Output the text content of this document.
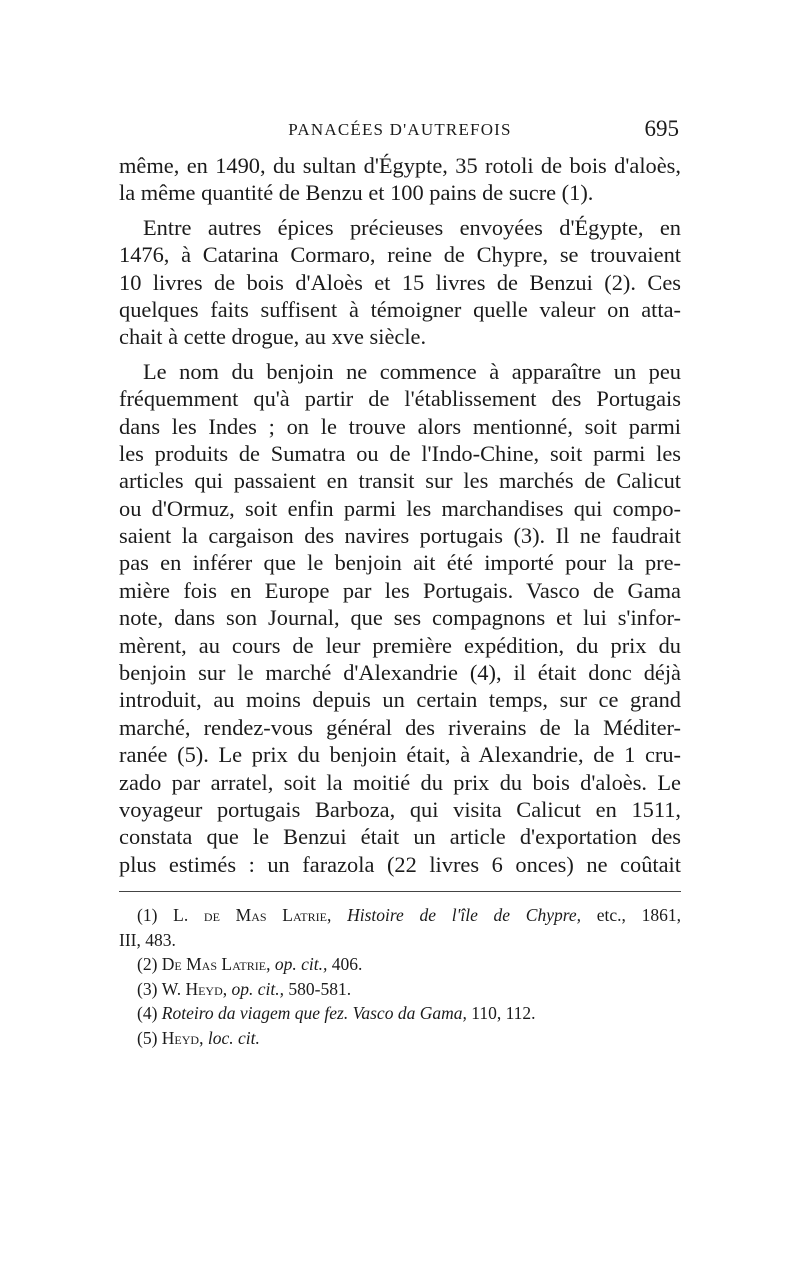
PANACÉES D'AUTREFOIS	695
même, en 1490, du sultan d'Égypte, 35 rotoli de bois d'aloès,
la même quantité de Benzu et 100 pains de sucre (1).
Entre autres épices précieuses envoyées d'Égypte, en
1476, à Catarina Cormaro, reine de Chypre, se trouvaient
10 livres de bois d'Aloès et 15 livres de Benzui (2). Ces
quelques faits suffisent à témoigner quelle valeur on atta-
chait à cette drogue, au xve siècle.
Le nom du benjoin ne commence à apparaître un peu
fréquemment qu'à partir de l'établissement des Portugais
dans les Indes ; on le trouve alors mentionné, soit parmi
les produits de Sumatra ou de l'Indo-Chine, soit parmi les
articles qui passaient en transit sur les marchés de Calicut
ou d'Ormuz, soit enfin parmi les marchandises qui compo-
saient la cargaison des navires portugais (3). Il ne faudrait
pas en inférer que le benjoin ait été importé pour la pre-
mière fois en Europe par les Portugais. Vasco de Gama
note, dans son Journal, que ses compagnons et lui s'infor-
mèrent, au cours de leur première expédition, du prix du
benjoin sur le marché d'Alexandrie (4), il était donc déjà
introduit, au moins depuis un certain temps, sur ce grand
marché, rendez-vous général des riverains de la Méditer-
ranée (5). Le prix du benjoin était, à Alexandrie, de 1 cru-
zado par arratel, soit la moitié du prix du bois d'aloès. Le
voyageur portugais Barboza, qui visita Calicut en 1511,
constata que le Benzui était un article d'exportation des
plus estimés : un farazola (22 livres 6 onces) ne coûtait
(1) L. de Mas Latrie, Histoire de l'île de Chypre, etc., 1861,
III, 483.
(2) De Mas Latrie, op. cit., 406.
(3) W. Heyd, op. cit., 580-581.
(4) Roteiro da viagem que fez. Vasco da Gama, 110, 112.
(5) Heyd, loc. cit.
